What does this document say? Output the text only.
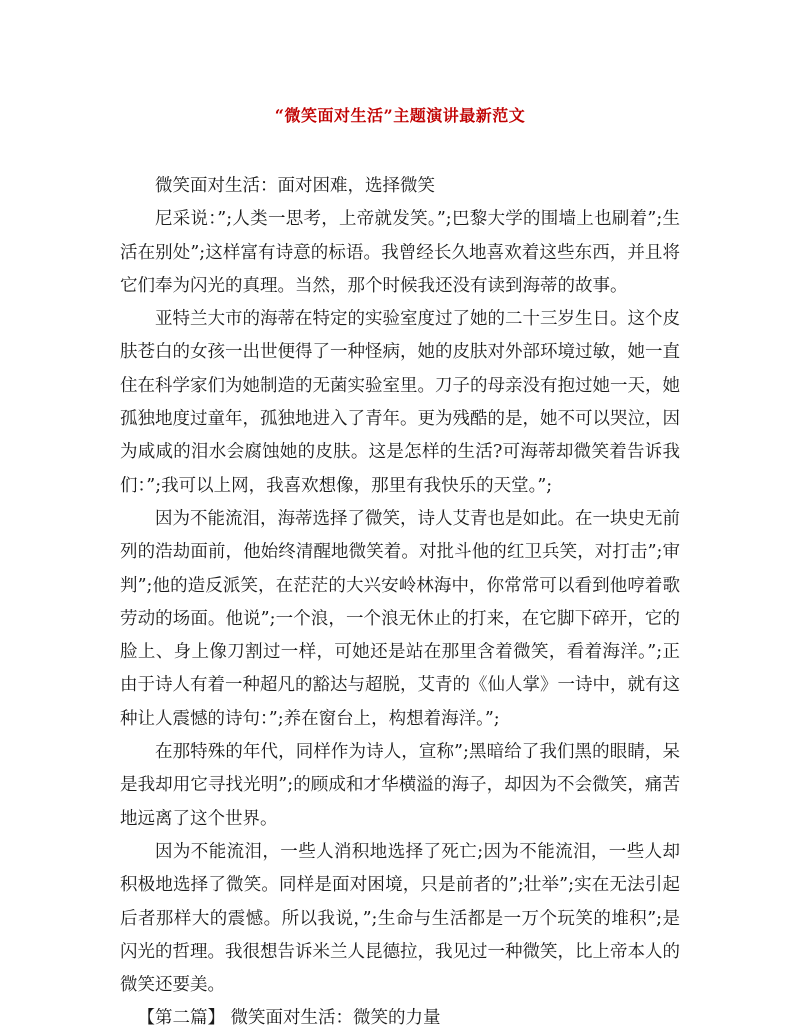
“微笑面对生活”主题演讲最新范文

微笑面对生活：面对困难，选择微笑

尼采说：”;人类一思考，上帝就发笑。”;巴黎大学的围墙上也刷着”;生活在别处”;这样富有诗意的标语。我曾经长久地喜欢着这些东西，并且将它们奉为闪光的真理。当然，那个时候我还没有读到海蒂的故事。

亚特兰大市的海蒂在特定的实验室度过了她的二十三岁生日。这个皮肤苍白的女孩一出世便得了一种怪病，她的皮肤对外部环境过敏，她一直住在科学家们为她制造的无菌实验室里。刀子的母亲没有抱过她一天，她孤独地度过童年，孤独地进入了青年。更为残酷的是，她不可以哭泣，因为咸咸的泪水会腐蚀她的皮肤。这是怎样的生活?可海蒂却微笑着告诉我们：”;我可以上网，我喜欢想像，那里有我快乐的天堂。”;

因为不能流泪，海蒂选择了微笑，诗人艾青也是如此。在一块史无前列的浩劫面前，他始终清醒地微笑着。对批斗他的红卫兵笑，对打击”;审判”;他的造反派笑，在茫茫的大兴安岭林海中，你常常可以看到他哼着歌劳动的场面。他说”;一个浪，一个浪无休止的打来，在它脚下碎开，它的脸上、身上像刀割过一样，可她还是站在那里含着微笑，看着海洋。”;正由于诗人有着一种超凡的豁达与超脱，艾青的《仙人掌》一诗中，就有这种让人震憾的诗句：”;养在窗台上，构想着海洋。”;

在那特殊的年代，同样作为诗人，宣称”;黑暗给了我们黑的眼睛，呆是我却用它寻找光明”;的顾成和才华横溢的海子，却因为不会微笑，痛苦地远离了这个世界。

因为不能流泪，一些人消积地选择了死亡;因为不能流泪，一些人却积极地选择了微笑。同样是面对困境，只是前者的”;壮举”;实在无法引起后者那样大的震憾。所以我说，”;生命与生活都是一万个玩笑的堆积”;是闪光的哲理。我很想告诉米兰人昆德拉，我见过一种微笑，比上帝本人的微笑还要美。

【第二篇】 微笑面对生活：微笑的力量
